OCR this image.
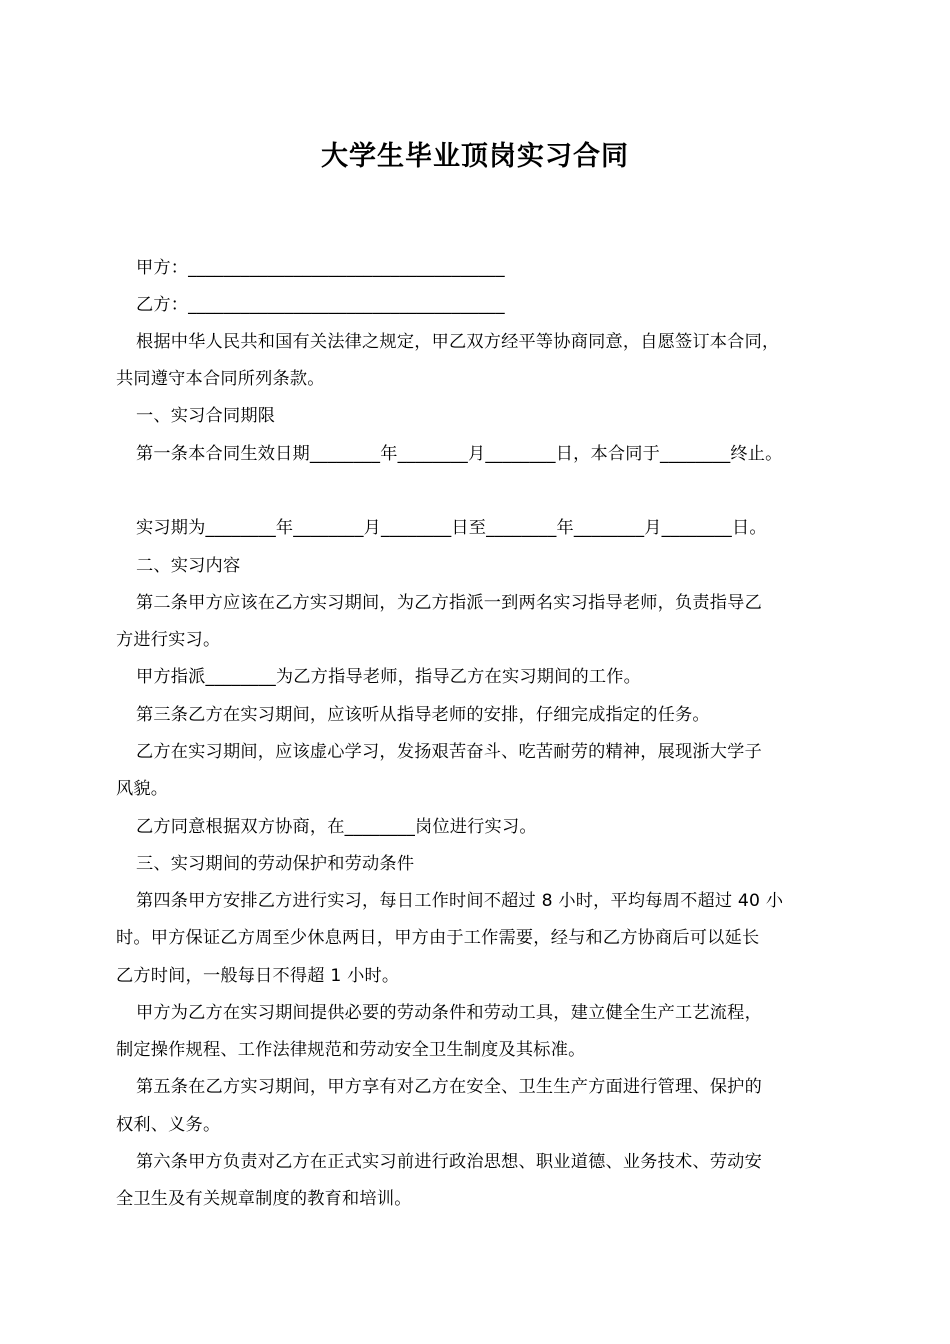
大学生毕业顶岗实习合同
甲方：____________________________________
乙方：____________________________________
根据中华人民共和国有关法律之规定，甲乙双方经平等协商同意，自愿签订本合同，
共同遵守本合同所列条款。
一、实习合同期限
第一条本合同生效日期________年________月________日，本合同于________终止。
实习期为________年________月________日至________年________月________日。
二、实习内容
第二条甲方应该在乙方实习期间，为乙方指派一到两名实习指导老师，负责指导乙
方进行实习。
甲方指派________为乙方指导老师，指导乙方在实习期间的工作。
第三条乙方在实习期间，应该听从指导老师的安排，仔细完成指定的任务。
乙方在实习期间，应该虚心学习，发扬艰苦奋斗、吃苦耐劳的精神，展现浙大学子
风貌。
乙方同意根据双方协商，在________岗位进行实习。
三、实习期间的劳动保护和劳动条件
第四条甲方安排乙方进行实习，每日工作时间不超过 8 小时，平均每周不超过 40 小
时。甲方保证乙方周至少休息两日，甲方由于工作需要，经与和乙方协商后可以延长
乙方时间，一般每日不得超 1 小时。
甲方为乙方在实习期间提供必要的劳动条件和劳动工具，建立健全生产工艺流程，
制定操作规程、工作法律规范和劳动安全卫生制度及其标准。
第五条在乙方实习期间，甲方享有对乙方在安全、卫生生产方面进行管理、保护的
权利、义务。
第六条甲方负责对乙方在正式实习前进行政治思想、职业道德、业务技术、劳动安
全卫生及有关规章制度的教育和培训。
